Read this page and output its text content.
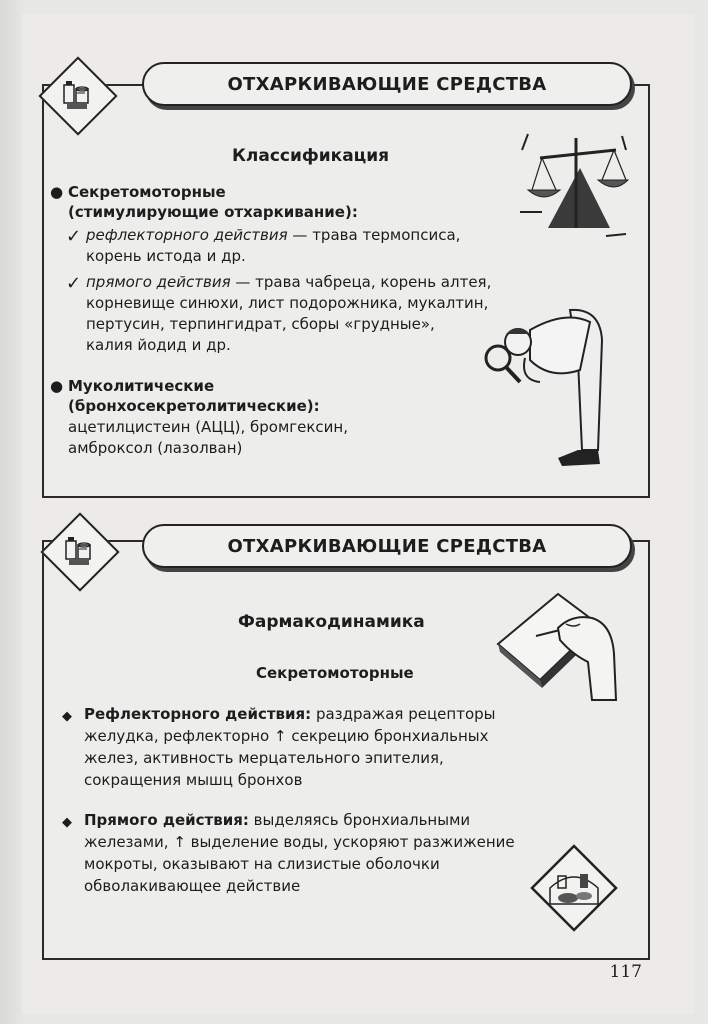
ОТХАРКИВАЮЩИЕ СРЕДСТВА
Классификация
● Секретомоторные
(стимулирующие отхаркивание):
✓ рефлекторного действия — трава термопсиса,
корень истода и др.
✓ прямого действия — трава чабреца, корень алтея,
корневище синюхи, лист подорожника, мукалтин,
пертусин, терпингидрат, сборы «грудные»,
калия йодид и др.
● Муколитические
(бронхосекретолитические):
ацетилцистеин (АЦЦ), бромгексин,
амброксол (лазолван)
ОТХАРКИВАЮЩИЕ СРЕДСТВА
Фармакодинамика
Секретомоторные
◆ Рефлекторного действия: раздражая рецепторы
желудка, рефлекторно ↑ секрецию бронхиальных
желез, активность мерцательного эпителия,
сокращения мышц бронхов
◆ Прямого действия: выделяясь бронхиальными
железами, ↑ выделение воды, ускоряют разжижение
мокроты, оказывают на слизистые оболочки
обволакивающее действие
117
